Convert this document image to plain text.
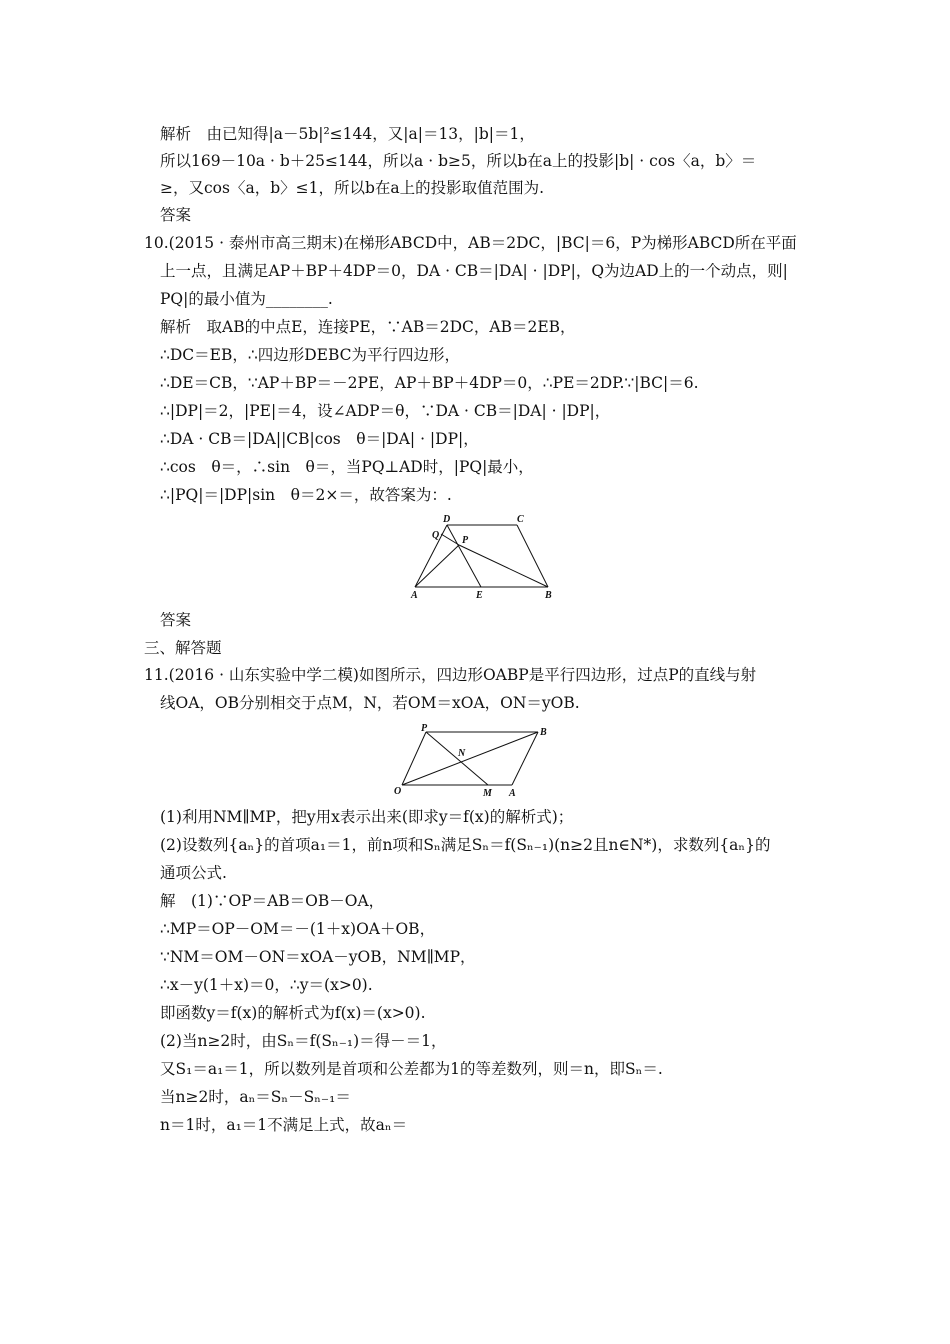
解析　由已知得|a－5b|²≤144，又|a|＝13，|b|＝1，
所以169－10a · b＋25≤144，所以a · b≥5，所以b在a上的投影|b| · cos〈a，b〉＝
≥，又cos〈a，b〉≤1，所以b在a上的投影取值范围为.
答案
10.(2015 · 泰州市高三期末)在梯形ABCD中，AB＝2DC，|BC|＝6，P为梯形ABCD所在平面
上一点，且满足AP＋BP＋4DP＝0，DA · CB＝|DA| · |DP|，Q为边AD上的一个动点，则|
PQ|的最小值为________.
解析　取AB的中点E，连接PE，∵AB＝2DC，AB＝2EB，
∴DC＝EB，∴四边形DEBC为平行四边形，
∴DE＝CB，∵AP＋BP＝－2PE，AP＋BP＋4DP＝0，∴PE＝2DP.∵|BC|＝6.
∴|DP|＝2，|PE|＝4，设∠ADP＝θ，∵DA · CB＝|DA| · |DP|，
∴DA · CB＝|DA||CB|cos　θ＝|DA| · |DP|，
∴cos　θ＝，∴sin　θ＝，当PQ⊥AD时，|PQ|最小，
∴|PQ|＝|DP|sin　θ＝2×＝，故答案为：.
D	C
Q P
A	E	B
答案
三、解答题
11.(2016 · 山东实验中学二模)如图所示，四边形OABP是平行四边形，过点P的直线与射
线OA，OB分别相交于点M，N，若OM＝xOA，ON＝yOB.
P	B
N
O	M A
(1)利用NM∥MP，把y用x表示出来(即求y＝f(x)的解析式)；
(2)设数列{aₙ}的首项a₁＝1，前n项和Sₙ满足Sₙ＝f(Sₙ₋₁)(n≥2且n∈N*)，求数列{aₙ}的
通项公式.
解　(1)∵OP＝AB＝OB－OA，
∴MP＝OP－OM＝－(1＋x)OA＋OB，
∵NM＝OM－ON＝xOA－yOB，NM∥MP，
∴x－y(1＋x)＝0，∴y＝(x>0).
即函数y＝f(x)的解析式为f(x)＝(x>0).
(2)当n≥2时，由Sₙ＝f(Sₙ₋₁)＝得－＝1，
又S₁＝a₁＝1，所以数列是首项和公差都为1的等差数列，则＝n，即Sₙ＝.
当n≥2时，aₙ＝Sₙ－Sₙ₋₁＝
n＝1时，a₁＝1不满足上式，故aₙ＝
